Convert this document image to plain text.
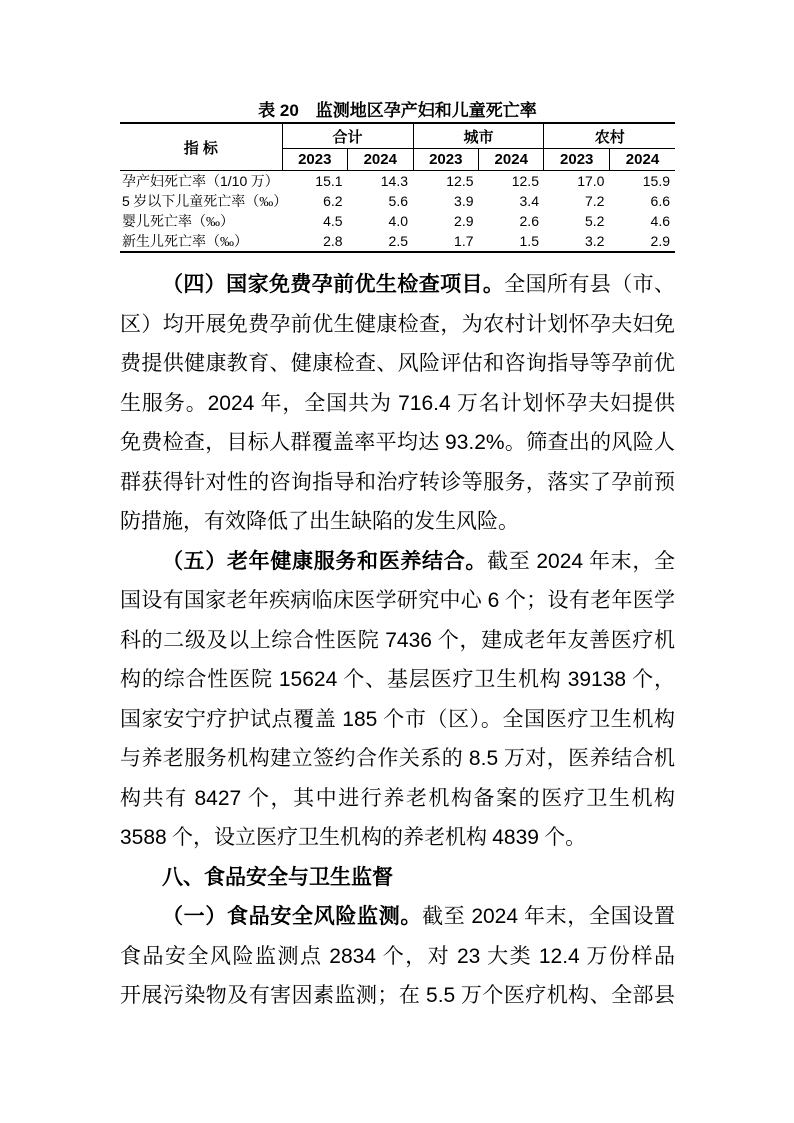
表 20　监测地区孕产妇和儿童死亡率
指 标	合计		城市		农村	
	2023	2024	2023	2024	2023	2024
孕产妇死亡率（1/10 万）	15.1	14.3	12.5	12.5	17.0	15.9
5 岁以下儿童死亡率（‰）	6.2	5.6	3.9	3.4	7.2	6.6
婴儿死亡率（‰）	4.5	4.0	2.9	2.6	5.2	4.6
新生儿死亡率（‰）	2.8	2.5	1.7	1.5	3.2	2.9
（四）国家免费孕前优生检查项目。全国所有县（市、
区）均开展免费孕前优生健康检查，为农村计划怀孕夫妇免
费提供健康教育、健康检查、风险评估和咨询指导等孕前优
生服务。2024 年，全国共为 716.4 万名计划怀孕夫妇提供
免费检查，目标人群覆盖率平均达 93.2%。筛查出的风险人
群获得针对性的咨询指导和治疗转诊等服务，落实了孕前预
防措施，有效降低了出生缺陷的发生风险。
（五）老年健康服务和医养结合。截至 2024 年末，全
国设有国家老年疾病临床医学研究中心 6 个；设有老年医学
科的二级及以上综合性医院 7436 个，建成老年友善医疗机
构的综合性医院 15624 个、基层医疗卫生机构 39138 个，
国家安宁疗护试点覆盖 185 个市（区）。全国医疗卫生机构
与养老服务机构建立签约合作关系的 8.5 万对，医养结合机
构共有 8427 个，其中进行养老机构备案的医疗卫生机构
3588 个，设立医疗卫生机构的养老机构 4839 个。
八、食品安全与卫生监督
（一）食品安全风险监测。截至 2024 年末，全国设置
食品安全风险监测点 2834 个，对 23 大类 12.4 万份样品
开展污染物及有害因素监测；在 5.5 万个医疗机构、全部县
